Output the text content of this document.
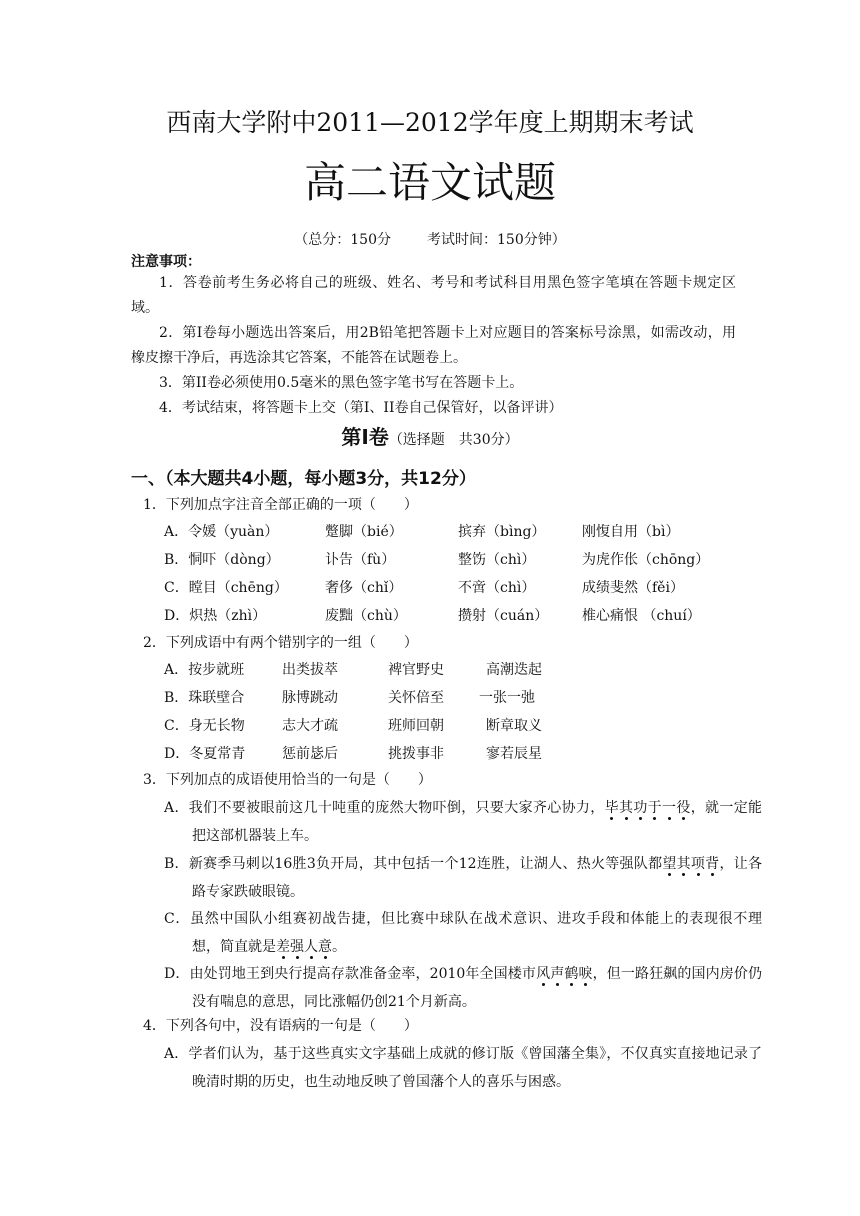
西南大学附中2011—2012学年度上期期末考试
高二语文试题
（总分：150分	考试时间：150分钟）
注意事项：
1．答卷前考生务必将自己的班级、姓名、考号和考试科目用黑色签字笔填在答题卡规定区域。
2．第I卷每小题选出答案后，用2B铅笔把答题卡上对应题目的答案标号涂黑，如需改动，用橡皮擦干净后，再选涂其它答案，不能答在试题卷上。
3．第II卷必须使用0.5毫米的黑色签字笔书写在答题卡上。
4．考试结束，将答题卡上交（第I、II卷自己保管好，以备评讲）
第Ⅰ卷（选择题　共30分）
一、（本大题共4小题，每小题3分，共12分）
1．下列加点字注音全部正确的一项（　　）
A．令媛（yuàn）	蹩脚（bié）	摈弃（bìng）	刚愎自用（bì）
B．恫吓（dòng）	讣告（fù）	整饬（chì）	为虎作伥（chōng）
C．瞠目（chēng）	奢侈（chǐ）	不啻（chì）	成绩斐然（fěi）
D．炽热（zhì）	废黜（chù）	攒射（cuán） 椎心痛恨 （chuí）
2．下列成语中有两个错别字的一组（　　）
A．按步就班	出类拔萃	裨官野史	高潮迭起
B．珠联壁合	脉博跳动	关怀倍至	一张一弛
C．身无长物	志大才疏	班师回朝	断章取义
D．冬夏常青	惩前毖后	挑拨事非	寥若辰星
3．下列加点的成语使用恰当的一句是（　　）
A．我们不要被眼前这几十吨重的庞然大物吓倒，只要大家齐心协力，毕其功于一役，就一定能把这部机器装上车。
B．新赛季马刺以16胜3负开局，其中包括一个12连胜，让湖人、热火等强队都望其项背，让各路专家跌破眼镜。
C．虽然中国队小组赛初战告捷，但比赛中球队在战术意识、进攻手段和体能上的表现很不理想，简直就是差强人意。
D．由处罚地王到央行提高存款准备金率，2010年全国楼市风声鹤唳，但一路狂飙的国内房价仍没有喘息的意思，同比涨幅仍创21个月新高。
4．下列各句中，没有语病的一句是（　　）
A．学者们认为，基于这些真实文字基础上成就的修订版《曾国藩全集》，不仅真实直接地记录了晚清时期的历史，也生动地反映了曾国藩个人的喜乐与困惑。
